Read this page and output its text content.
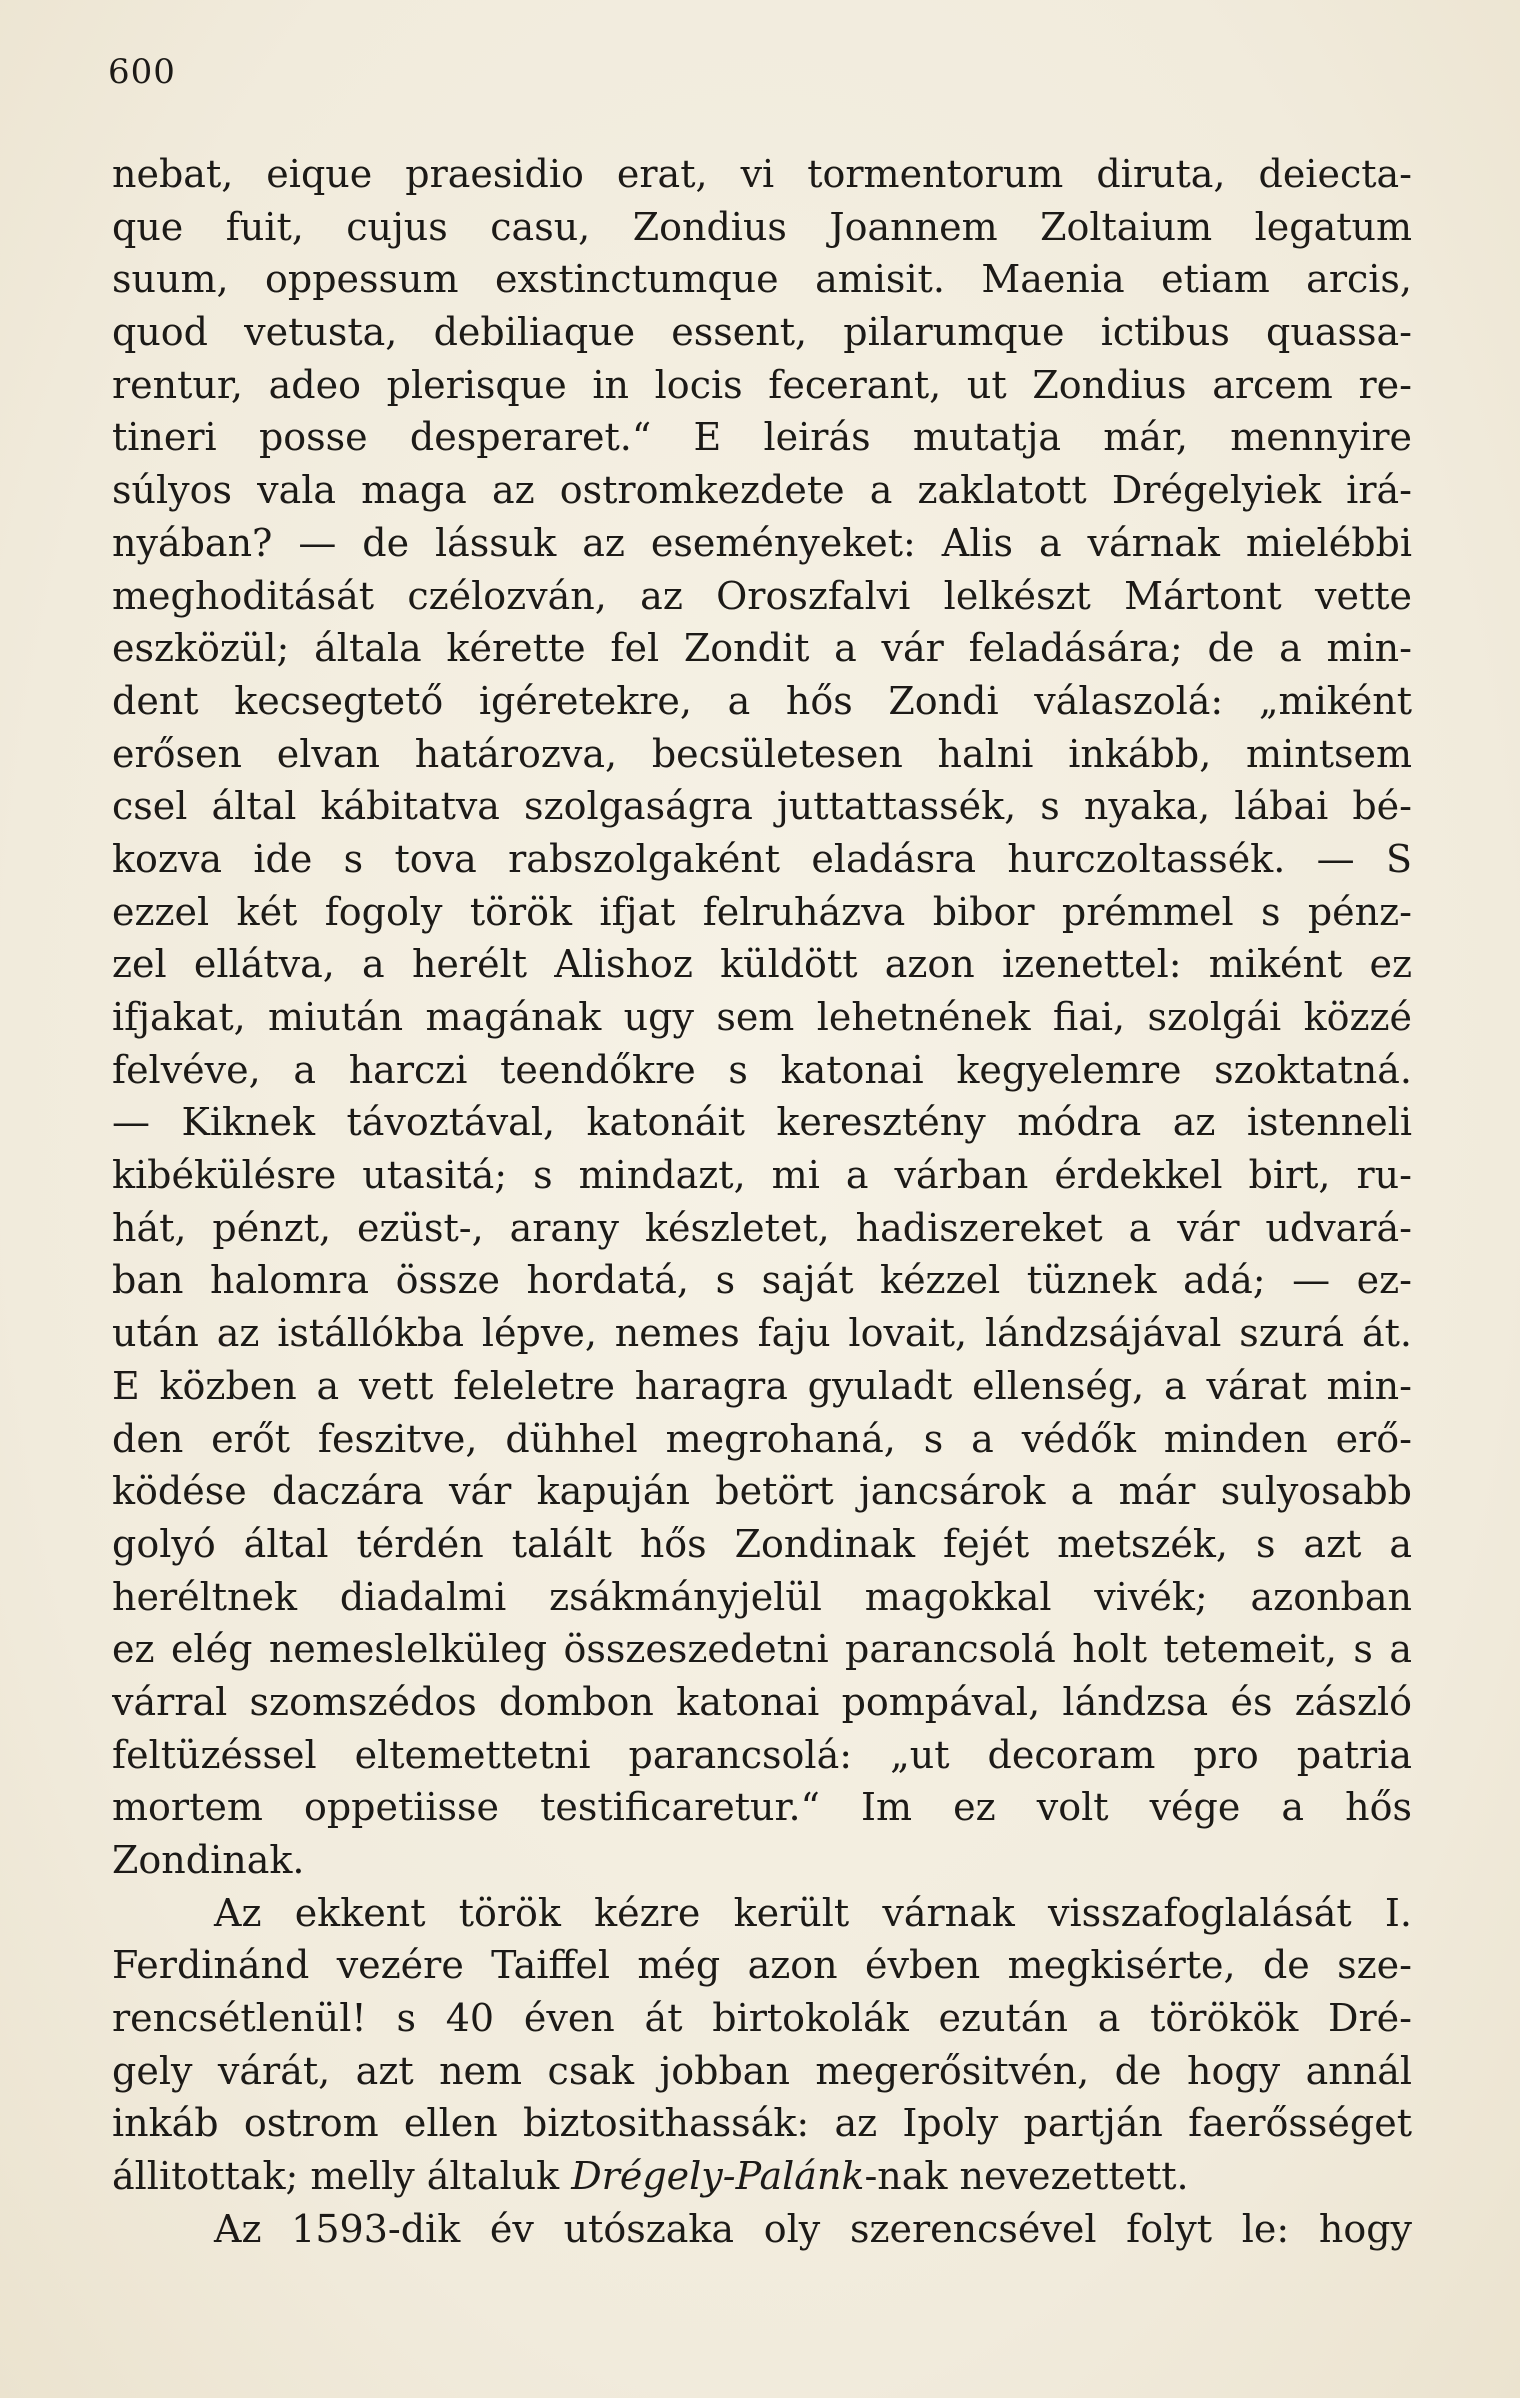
600
nebat, eique praesidio erat, vi tormentorum diruta, deiecta-
que fuit, cujus casu, Zondius Joannem Zoltaium legatum
suum, oppessum exstinctumque amisit. Maenia etiam arcis,
quod vetusta, debiliaque essent, pilarumque ictibus quassa-
rentur, adeo plerisque in locis fecerant, ut Zondius arcem re-
tineri posse desperaret.“ E leirás mutatja már, mennyire
súlyos vala maga az ostromkezdete a zaklatott Drégelyiek irá-
nyában? — de lássuk az eseményeket: Alis a várnak mielébbi
meghoditását czélozván, az Oroszfalvi lelkészt Mártont vette
eszközül; általa kérette fel Zondit a vár feladására; de a min-
dent kecsegtető igéretekre, a hős Zondi válaszolá: „miként
erősen elvan határozva, becsületesen halni inkább, mintsem
csel által kábitatva szolgaságra juttattassék, s nyaka, lábai bé-
kozva ide s tova rabszolgaként eladásra hurczoltassék. — S
ezzel két fogoly török ifjat felruházva bibor prémmel s pénz-
zel ellátva, a herélt Alishoz küldött azon izenettel: miként ez
ifjakat, miután magának ugy sem lehetnének fiai, szolgái közzé
felvéve, a harczi teendőkre s katonai kegyelemre szoktatná.
— Kiknek távoztával, katonáit keresztény módra az istenneli
kibékülésre utasitá; s mindazt, mi a várban érdekkel birt, ru-
hát, pénzt, ezüst-, arany készletet, hadiszereket a vár udvará-
ban halomra össze hordatá, s saját kézzel tüznek adá; — ez-
után az istállókba lépve, nemes faju lovait, lándzsájával szurá át.
E közben a vett feleletre haragra gyuladt ellenség, a várat min-
den erőt feszitve, dühhel megrohaná, s a védők minden erő-
ködése daczára vár kapuján betört jancsárok a már sulyosabb
golyó által térdén talált hős Zondinak fejét metszék, s azt a
heréltnek diadalmi zsákmányjelül magokkal vivék; azonban
ez elég nemeslelküleg összeszedetni parancsolá holt tetemeit, s a
várral szomszédos dombon katonai pompával, lándzsa és zászló
feltüzéssel eltemettetni parancsolá: „ut decoram pro patria
mortem oppetiisse testificaretur.“ Im ez volt vége a hős
Zondinak.
Az ekkent török kézre került várnak visszafoglalását I.
Ferdinánd vezére Taiffel még azon évben megkisérte, de sze-
rencsétlenül! s 40 éven át birtokolák ezután a törökök Dré-
gely várát, azt nem csak jobban megerősitvén, de hogy annál
inkáb ostrom ellen biztosithassák: az Ipoly partján faerősséget
állitottak; melly általuk Drégely-Palánk-nak nevezettett.
Az 1593-dik év utószaka oly szerencsével folyt le: hogy
